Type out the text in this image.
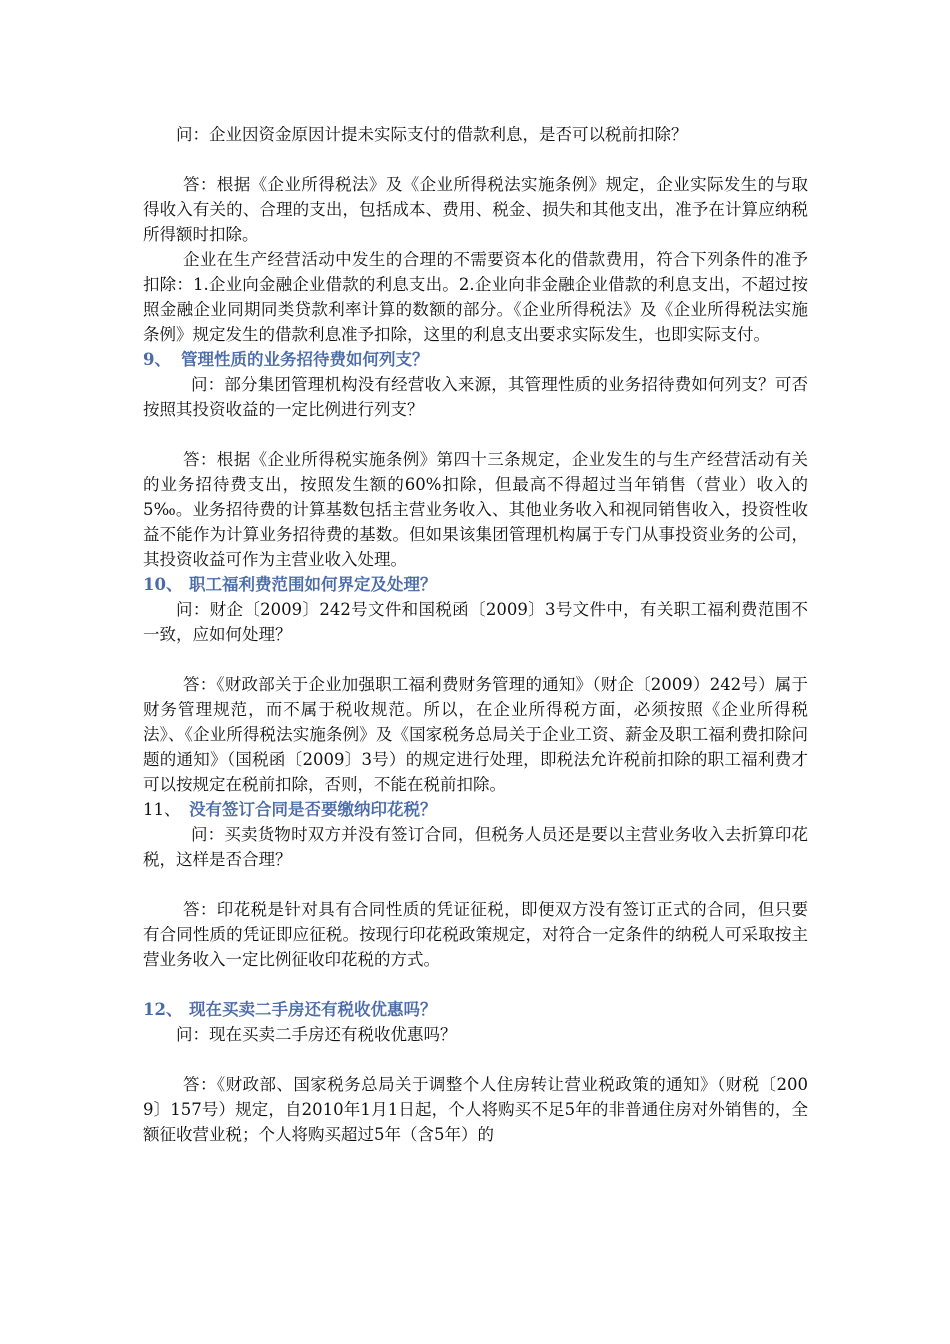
问：企业因资金原因计提未实际支付的借款利息，是否可以税前扣除？

答：根据《企业所得税法》及《企业所得税法实施条例》规定，企业实际发生的与取得收入有关的、合理的支出，包括成本、费用、税金、损失和其他支出，准予在计算应纳税所得额时扣除。

企业在生产经营活动中发生的合理的不需要资本化的借款费用，符合下列条件的准予扣除：1.企业向金融企业借款的利息支出。2.企业向非金融企业借款的利息支出，不超过按照金融企业同期同类贷款利率计算的数额的部分。《企业所得税法》及《企业所得税法实施条例》规定发生的借款利息准予扣除，这里的利息支出要求实际发生，也即实际支付。

9、 管理性质的业务招待费如何列支？

问：部分集团管理机构没有经营收入来源，其管理性质的业务招待费如何列支？可否按照其投资收益的一定比例进行列支？

答：根据《企业所得税实施条例》第四十三条规定，企业发生的与生产经营活动有关的业务招待费支出，按照发生额的60%扣除，但最高不得超过当年销售（营业）收入的5‰。业务招待费的计算基数包括主营业务收入、其他业务收入和视同销售收入，投资性收益不能作为计算业务招待费的基数。但如果该集团管理机构属于专门从事投资业务的公司，其投资收益可作为主营业收入处理。

10、 职工福利费范围如何界定及处理？

问：财企〔2009〕242号文件和国税函〔2009〕3号文件中，有关职工福利费范围不一致，应如何处理？

答：《财政部关于企业加强职工福利费财务管理的通知》（财企〔2009）242号）属于财务管理规范，而不属于税收规范。所以，在企业所得税方面，必须按照《企业所得税法》、《企业所得税法实施条例》及《国家税务总局关于企业工资、薪金及职工福利费扣除问题的通知》（国税函〔2009〕3号）的规定进行处理，即税法允许税前扣除的职工福利费才可以按规定在税前扣除，否则，不能在税前扣除。

11、 没有签订合同是否要缴纳印花税？

问：买卖货物时双方并没有签订合同，但税务人员还是要以主营业务收入去折算印花税，这样是否合理？

答：印花税是针对具有合同性质的凭证征税，即便双方没有签订正式的合同，但只要有合同性质的凭证即应征税。按现行印花税政策规定，对符合一定条件的纳税人可采取按主营业务收入一定比例征收印花税的方式。

12、 现在买卖二手房还有税收优惠吗？

问：现在买卖二手房还有税收优惠吗？

答：《财政部、国家税务总局关于调整个人住房转让营业税政策的通知》（财税〔2009〕157号）规定，自2010年1月1日起，个人将购买不足5年的非普通住房对外销售的，全额征收营业税；个人将购买超过5年（含5年）的
